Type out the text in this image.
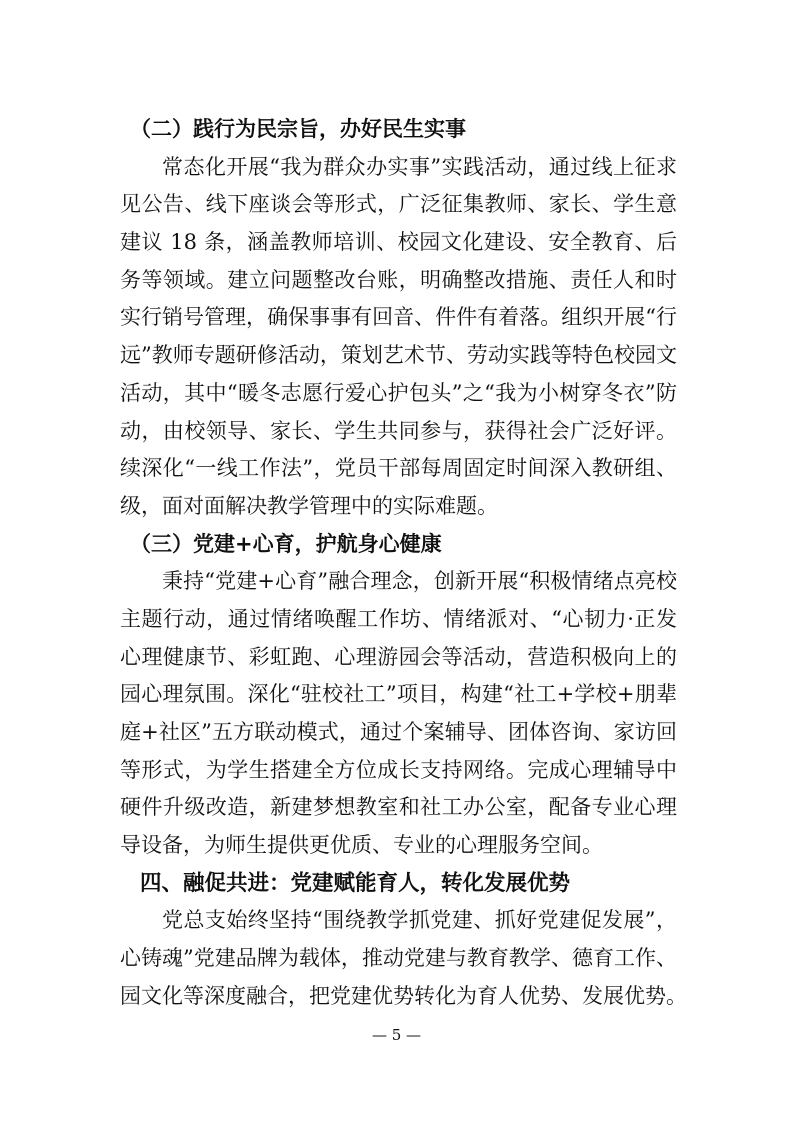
（二）践行为民宗旨，办好民生实事
常态化开展“我为群众办实事”实践活动，通过线上征求
见公告、线下座谈会等形式，广泛征集教师、家长、学生意
建议 18 条，涵盖教师培训、校园文化建设、安全教育、后
务等领域。建立问题整改台账，明确整改措施、责任人和时
实行销号管理，确保事事有回音、件件有着落。组织开展“行
远”教师专题研修活动，策划艺术节、劳动实践等特色校园文
活动，其中“暖冬志愿行爱心护包头”之“我为小树穿冬衣”防
动，由校领导、家长、学生共同参与，获得社会广泛好评。
续深化“一线工作法”，党员干部每周固定时间深入教研组、
级，面对面解决教学管理中的实际难题。
（三）党建+心育，护航身心健康
秉持“党建+心育”融合理念，创新开展“积极情绪点亮校
主题行动，通过情绪唤醒工作坊、情绪派对、“心韧力·正发
心理健康节、彩虹跑、心理游园会等活动，营造积极向上的
园心理氛围。深化“驻校社工”项目，构建“社工+学校+朋辈
庭+社区”五方联动模式，通过个案辅导、团体咨询、家访回
等形式，为学生搭建全方位成长支持网络。完成心理辅导中
硬件升级改造，新建梦想教室和社工办公室，配备专业心理
导设备，为师生提供更优质、专业的心理服务空间。
四、融促共进：党建赋能育人，转化发展优势
党总支始终坚持“围绕教学抓党建、抓好党建促发展”，
心铸魂”党建品牌为载体，推动党建与教育教学、德育工作、
园文化等深度融合，把党建优势转化为育人优势、发展优势。
— 5 —
